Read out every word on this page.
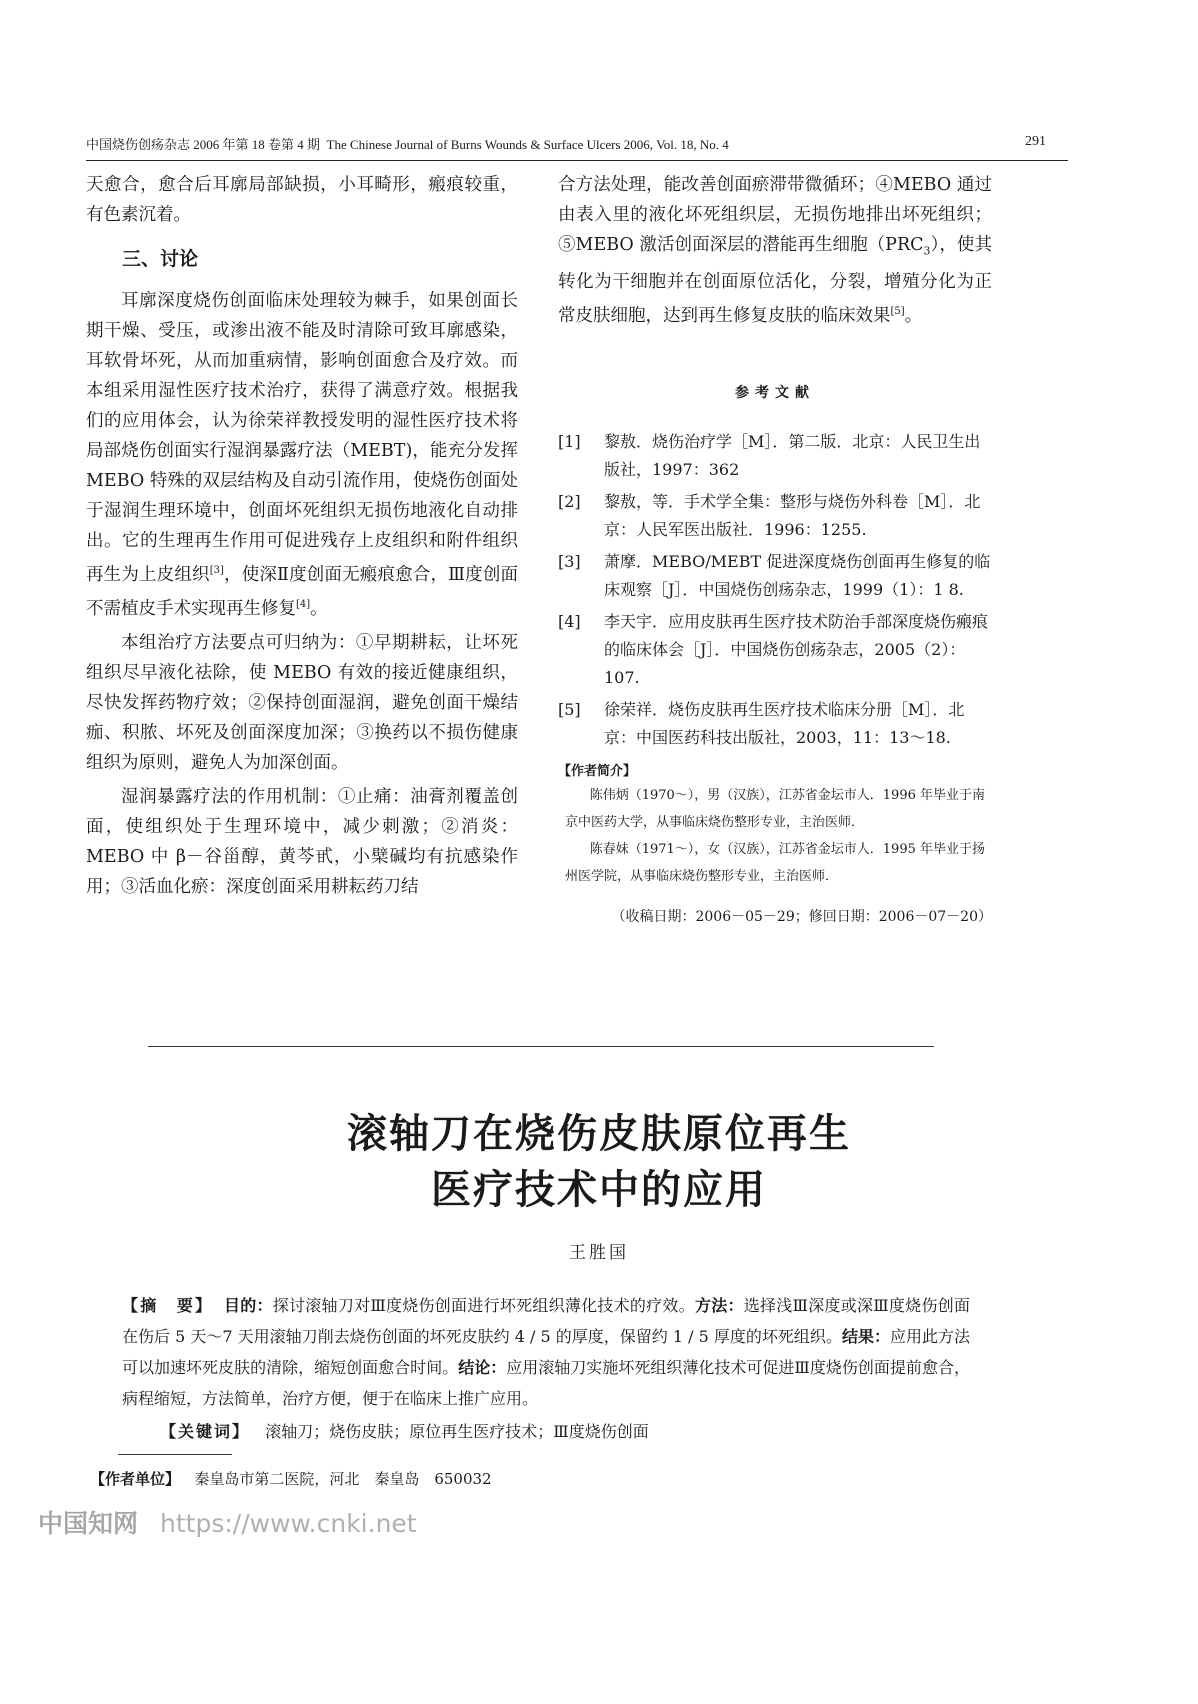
中国烧伤创疡杂志 2006 年第 18 卷第 4 期 The Chinese Journal of Burns Wounds & Surface Ulcers 2006, Vol. 18, No. 4	291

天愈合，愈合后耳廓局部缺损，小耳畸形，瘢痕较重，有色素沉着。

三、讨论

耳廓深度烧伤创面临床处理较为棘手，如果创面长期干燥、受压，或渗出液不能及时清除可致耳廓感染，耳软骨坏死，从而加重病情，影响创面愈合及疗效。而本组采用湿性医疗技术治疗，获得了满意疗效。根据我们的应用体会，认为徐荣祥教授发明的湿性医疗技术将局部烧伤创面实行湿润暴露疗法（MEBT)，能充分发挥 MEBO 特殊的双层结构及自动引流作用，使烧伤创面处于湿润生理环境中，创面坏死组织无损伤地液化自动排出。它的生理再生作用可促进残存上皮组织和附件组织再生为上皮组织[3]，使深Ⅱ度创面无瘢痕愈合，Ⅲ度创面不需植皮手术实现再生修复[4]。

本组治疗方法要点可归纳为：①早期耕耘，让坏死组织尽早液化祛除，使 MEBO 有效的接近健康组织，尽快发挥药物疗效；②保持创面湿润，避免创面干燥结痂、积脓、坏死及创面深度加深；③换药以不损伤健康组织为原则，避免人为加深创面。

湿润暴露疗法的作用机制：①止痛：油膏剂覆盖创面，使组织处于生理环境中，减少刺激；②消炎：MEBO 中 β－谷甾醇，黄芩甙，小檗碱均有抗感染作用；③活血化瘀：深度创面采用耕耘药刀结

合方法处理，能改善创面瘀滞带微循环；④MEBO 通过由表入里的液化坏死组织层，无损伤地排出坏死组织；⑤MEBO 激活创面深层的潜能再生细胞$(PRC_3)$，使其转化为干细胞并在创面原位活化，分裂，增殖分化为正常皮肤细胞，达到再生修复皮肤的临床效果[5]。

参考文献
[1] 黎敖．烧伤治疗学［M］．第二版．北京：人民卫生出版社，1997：362
[2] 黎敖，等．手术学全集：整形与烧伤外科卷［M］．北京：人民军医出版社．1996：1255.
[3] 萧摩．MEBO/MEBT 促进深度烧伤创面再生修复的临床观察［J］．中国烧伤创疡杂志，1999（1）：1 8.
[4] 李天宇．应用皮肤再生医疗技术防治手部深度烧伤瘢痕的临床体会［J］．中国烧伤创疡杂志，2005（2）：107.
[5] 徐荣祥．烧伤皮肤再生医疗技术临床分册［M］．北京：中国医药科技出版社，2003，11：13～18.
【作者简介】

陈伟炳（1970～），男（汉族），江苏省金坛市人．1996 年毕业于南京中医药大学，从事临床烧伤整形专业，主治医师．

陈春妹（1971～），女（汉族），江苏省金坛市人．1995 年毕业于扬州医学院，从事临床烧伤整形专业，主治医师．

（收稿日期：2006－05－29；修回日期：2006－07－20）
滚轴刀在烧伤皮肤原位再生
医疗技术中的应用
王胜国
【摘　要】 目的：探讨滚轴刀对Ⅲ度烧伤创面进行坏死组织薄化技术的疗效。方法：选择浅Ⅲ深度或深Ⅲ度烧伤创面在伤后 5 天～7 天用滚轴刀削去烧伤创面的坏死皮肤约 4 / 5 的厚度，保留约 1 / 5 厚度的坏死组织。结果：应用此方法可以加速坏死皮肤的清除，缩短创面愈合时间。结论：应用滚轴刀实施坏死组织薄化技术可促进Ⅲ度烧伤创面提前愈合，病程缩短，方法简单，治疗方便，便于在临床上推广应用。
【关键词】 滚轴刀；烧伤皮肤；原位再生医疗技术；Ⅲ度烧伤创面
【作者单位】 秦皇岛市第二医院，河北　秦皇岛　650032
中国知网 https://www.cnki.net
